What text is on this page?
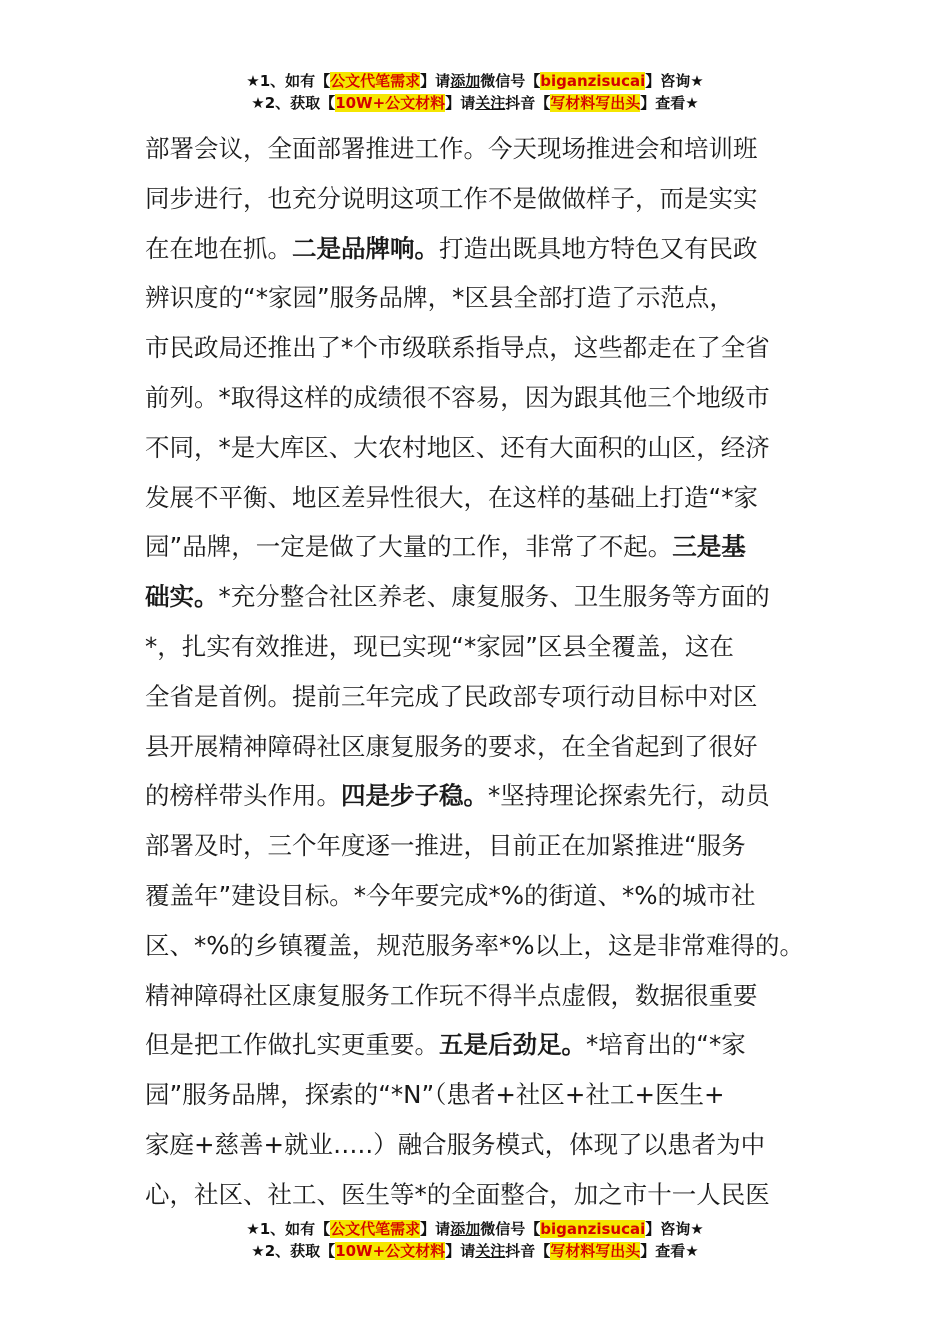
★1、如有【公文代笔需求】请添加微信号【biganzisucai】咨询★
★2、获取【10W+公文材料】请关注抖音【写材料写出头】查看★
部署会议，全面部署推进工作。今天现场推进会和培训班
同步进行，也充分说明这项工作不是做做样子，而是实实
在在地在抓。二是品牌响。打造出既具地方特色又有民政
辨识度的“*家园”服务品牌，*区县全部打造了示范点，
市民政局还推出了*个市级联系指导点，这些都走在了全省
前列。*取得这样的成绩很不容易，因为跟其他三个地级市
不同，*是大库区、大农村地区、还有大面积的山区，经济
发展不平衡、地区差异性很大，在这样的基础上打造“*家
园”品牌，一定是做了大量的工作，非常了不起。三是基
础实。*充分整合社区养老、康复服务、卫生服务等方面的
*，扎实有效推进，现已实现“*家园”区县全覆盖，这在
全省是首例。提前三年完成了民政部专项行动目标中对区
县开展精神障碍社区康复服务的要求，在全省起到了很好
的榜样带头作用。四是步子稳。*坚持理论探索先行，动员
部署及时，三个年度逐一推进，目前正在加紧推进“服务
覆盖年”建设目标。*今年要完成*%的街道、*%的城市社
区、*%的乡镇覆盖，规范服务率*%以上，这是非常难得的。
精神障碍社区康复服务工作玩不得半点虚假，数据很重要
但是把工作做扎实更重要。五是后劲足。*培育出的“*家
园”服务品牌，探索的“*N”（患者+社区+社工+医生+
家庭+慈善+就业…..）融合服务模式，体现了以患者为中
心，社区、社工、医生等*的全面整合，加之市十一人民医
★1、如有【公文代笔需求】请添加微信号【biganzisucai】咨询★
★2、获取【10W+公文材料】请关注抖音【写材料写出头】查看★
